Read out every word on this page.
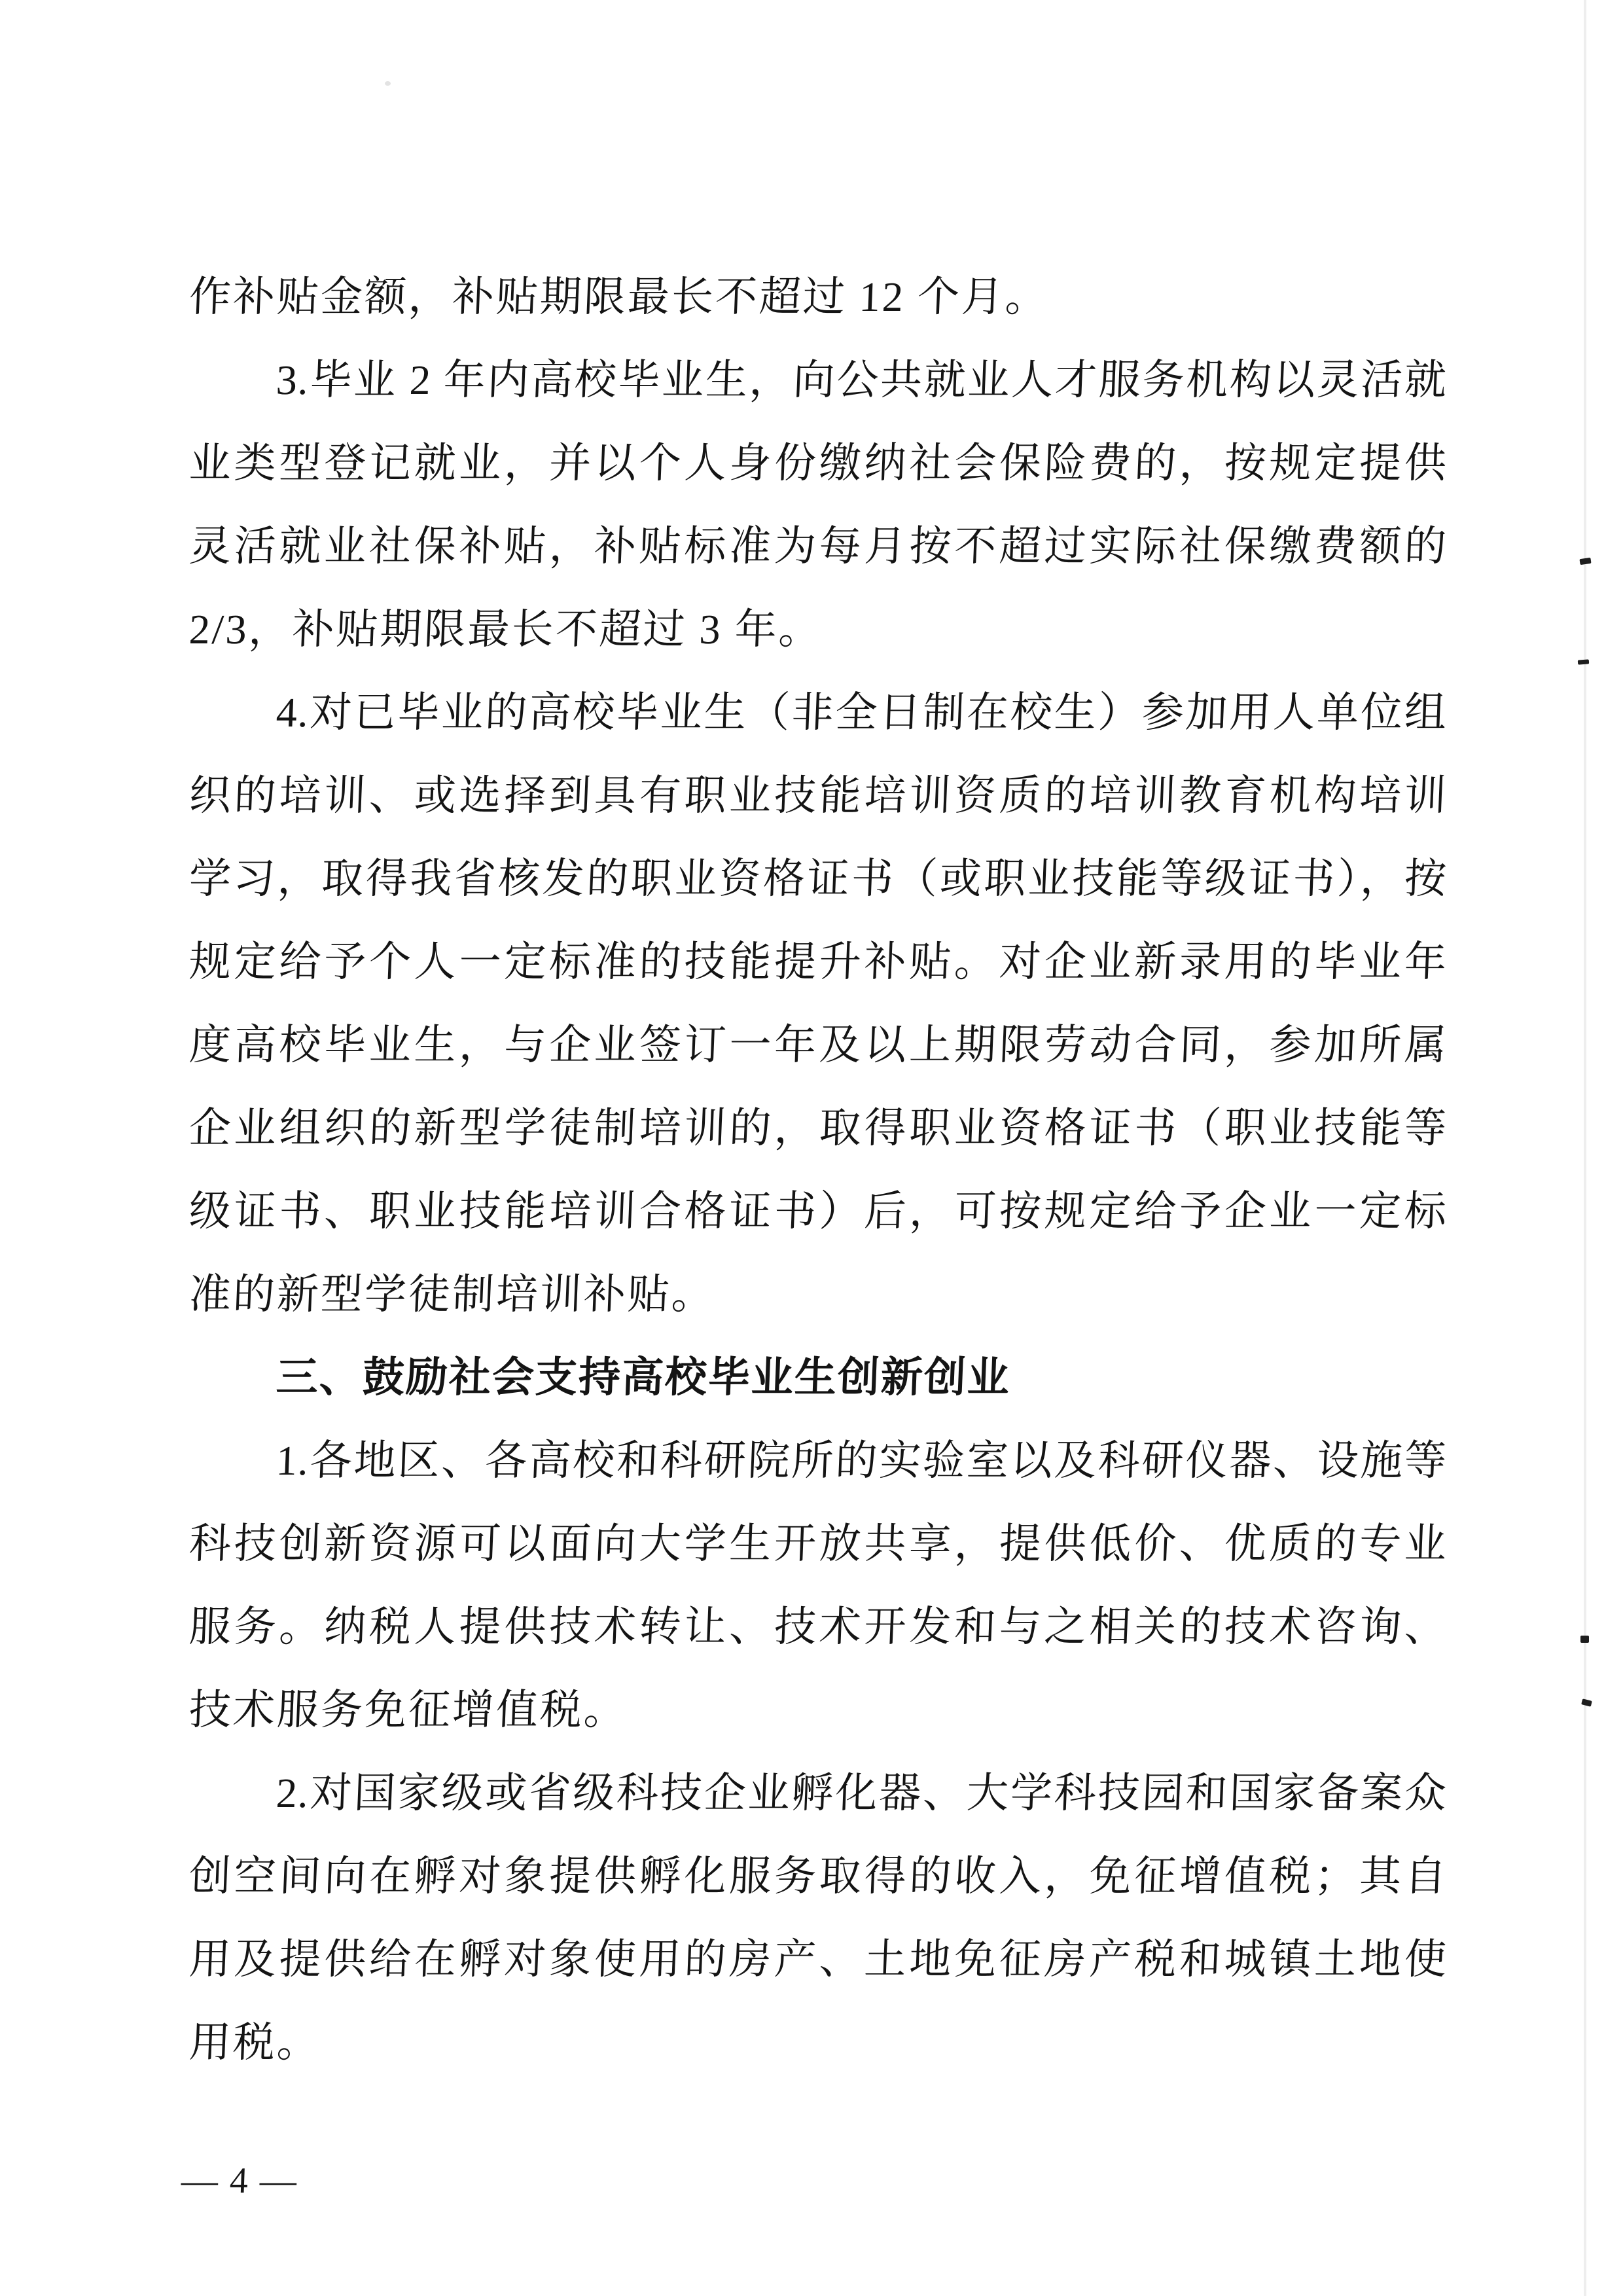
作补贴金额，补贴期限最长不超过 12 个月。
3.毕业 2 年内高校毕业生，向公共就业人才服务机构以灵活就
业类型登记就业，并以个人身份缴纳社会保险费的，按规定提供
灵活就业社保补贴，补贴标准为每月按不超过实际社保缴费额的
2/3，补贴期限最长不超过 3 年。
4.对已毕业的高校毕业生（非全日制在校生）参加用人单位组
织的培训、或选择到具有职业技能培训资质的培训教育机构培训
学习，取得我省核发的职业资格证书（或职业技能等级证书），按
规定给予个人一定标准的技能提升补贴。对企业新录用的毕业年
度高校毕业生，与企业签订一年及以上期限劳动合同，参加所属
企业组织的新型学徒制培训的，取得职业资格证书（职业技能等
级证书、职业技能培训合格证书）后，可按规定给予企业一定标
准的新型学徒制培训补贴。
三、鼓励社会支持高校毕业生创新创业
1.各地区、各高校和科研院所的实验室以及科研仪器、设施等
科技创新资源可以面向大学生开放共享，提供低价、优质的专业
服务。纳税人提供技术转让、技术开发和与之相关的技术咨询、
技术服务免征增值税。
2.对国家级或省级科技企业孵化器、大学科技园和国家备案众
创空间向在孵对象提供孵化服务取得的收入，免征增值税；其自
用及提供给在孵对象使用的房产、土地免征房产税和城镇土地使
用税。
— 4 —
